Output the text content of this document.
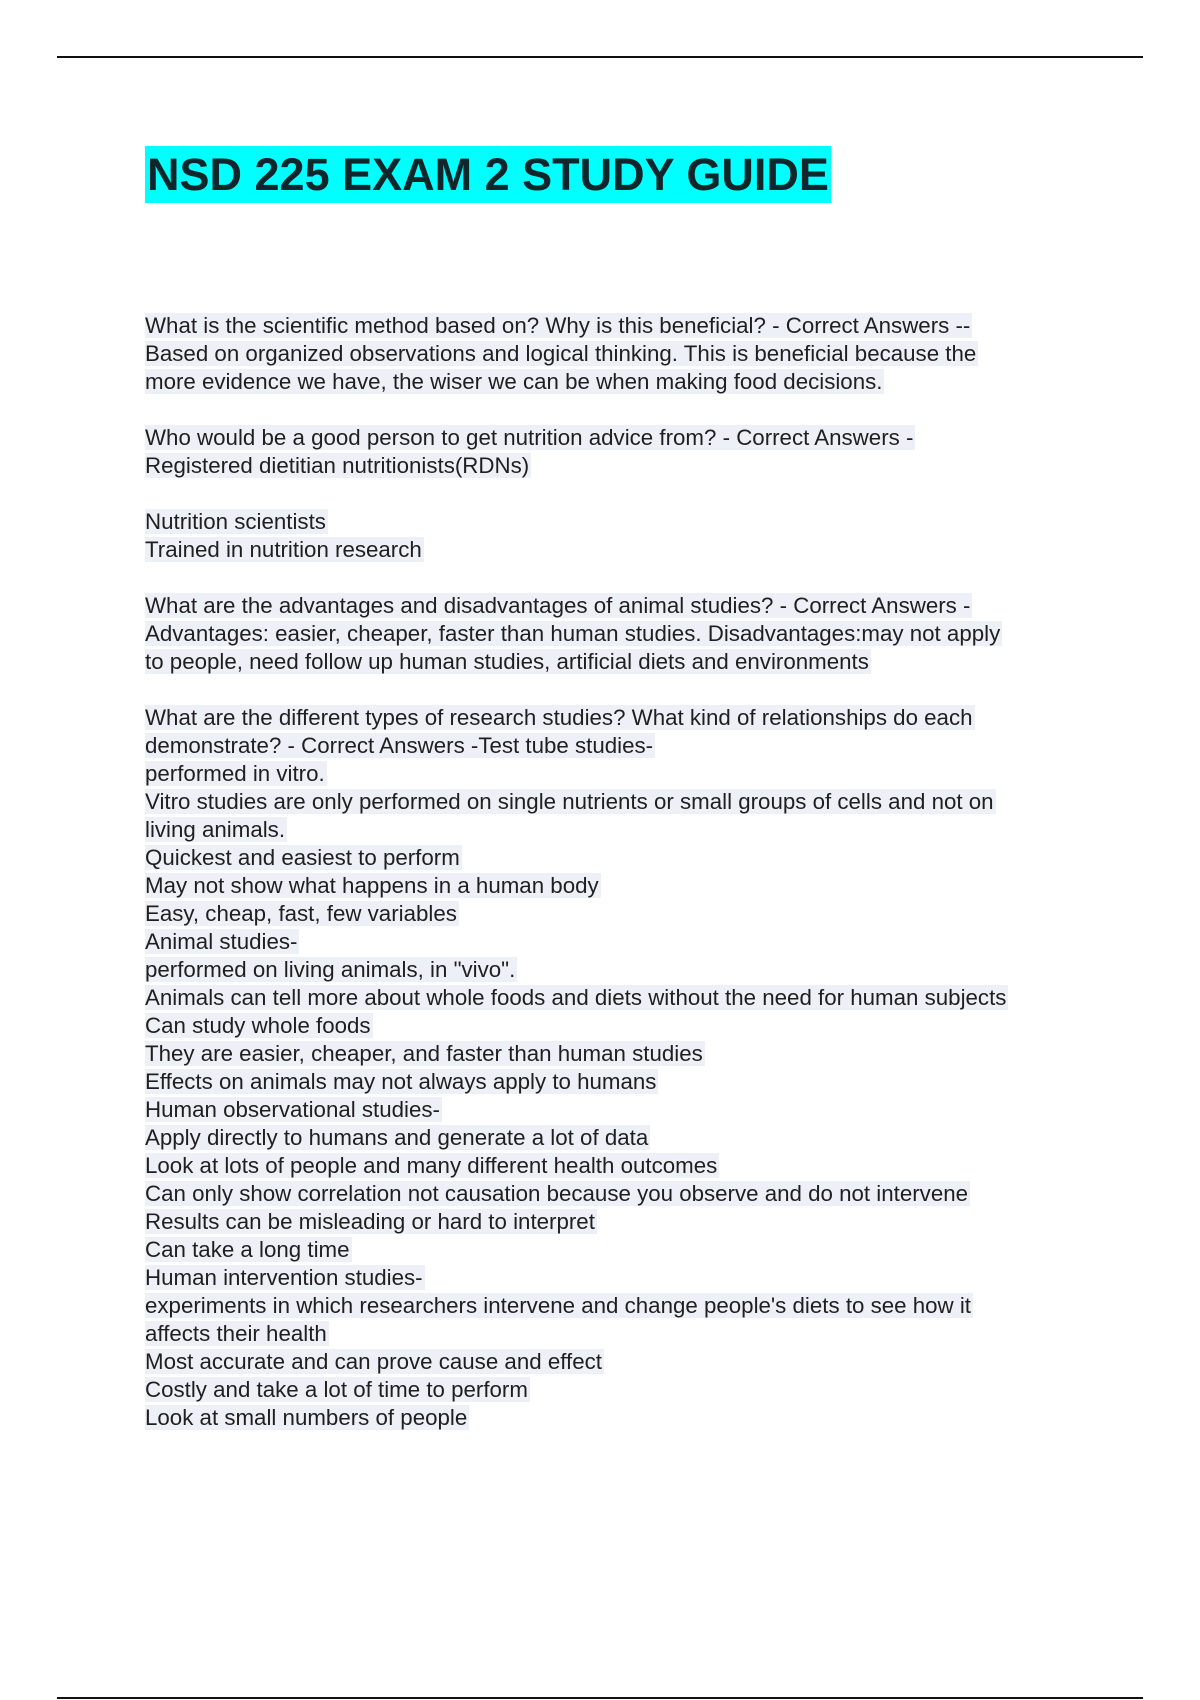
NSD 225 EXAM 2 STUDY GUIDE
What is the scientific method based on? Why is this beneficial? - Correct Answers --
Based on organized observations and logical thinking. This is beneficial because the
more evidence we have, the wiser we can be when making food decisions.
Who would be a good person to get nutrition advice from? - Correct Answers -
Registered dietitian nutritionists(RDNs)
Nutrition scientists
Trained in nutrition research
What are the advantages and disadvantages of animal studies? - Correct Answers -
Advantages: easier, cheaper, faster than human studies. Disadvantages:may not apply
to people, need follow up human studies, artificial diets and environments
What are the different types of research studies? What kind of relationships do each
demonstrate? - Correct Answers -Test tube studies-
performed in vitro.
Vitro studies are only performed on single nutrients or small groups of cells and not on
living animals.
Quickest and easiest to perform
May not show what happens in a human body
Easy, cheap, fast, few variables
Animal studies-
performed on living animals, in "vivo".
Animals can tell more about whole foods and diets without the need for human subjects
Can study whole foods
They are easier, cheaper, and faster than human studies
Effects on animals may not always apply to humans
Human observational studies-
Apply directly to humans and generate a lot of data
Look at lots of people and many different health outcomes
Can only show correlation not causation because you observe and do not intervene
Results can be misleading or hard to interpret
Can take a long time
Human intervention studies-
experiments in which researchers intervene and change people's diets to see how it
affects their health
Most accurate and can prove cause and effect
Costly and take a lot of time to perform
Look at small numbers of people
